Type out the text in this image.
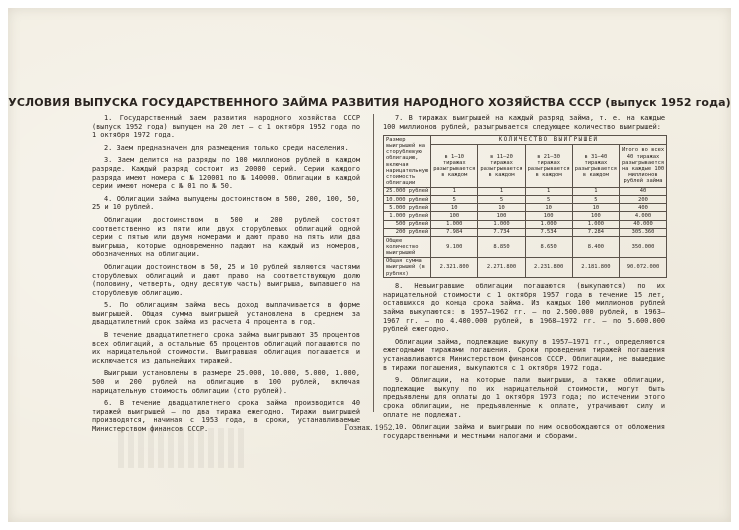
УСЛОВИЯ ВЫПУСКА ГОСУДАРСТВЕННОГО ЗАЙМА РАЗВИТИЯ НАРОДНОГО ХОЗЯЙСТВА СССР (выпуск 1952 года)

1. Государственный заем развития народного хозяйства СССР (выпуск 1952 года) выпущен на 20 лет — с 1 октября 1952 года по 1 октября 1972 года.

2. Заем предназначен для размещения только среди населения.

3. Заем делится на разряды по 100 миллионов рублей в каждом разряде. Каждый разряд состоит из 20000 серий. Серии каждого разряда имеют номера с № 120001 по № 140000. Облигации в каждой серии имеют номера с № 01 по № 50.

4. Облигации займа выпущены достоинством в 500, 200, 100, 50, 25 и 10 рублей.

Облигации достоинством в 500 и 200 рублей состоят соответственно из пяти или двух сторублевых облигаций одной серии с пятью или двумя номерами и дают право на пять или два выигрыша, которые одновременно падают на каждый из номеров, обозначенных на облигации.

Облигации достоинством в 50, 25 и 10 рублей являются частями сторублевых облигаций и дают право на соответствующую долю (половину, четверть, одну десятую часть) выигрыша, выпавшего на сторублевую облигацию.

5. По облигациям займа весь доход выплачивается в форме выигрышей. Общая сумма выигрышей установлена в среднем за двадцатилетний срок займа из расчета 4 процента в год.

В течение двадцатилетнего срока займа выигрывают 35 процентов всех облигаций, а остальные 65 процентов облигаций погашаются по их нарицательной стоимости. Выигравшая облигация погашается и исключается из дальнейших тиражей.

Выигрыши установлены в размере 25.000, 10.000, 5.000, 1.000, 500 и 200 рублей на облигацию в 100 рублей, включая нарицательную стоимость облигации (сто рублей).

6. В течение двадцатилетнего срока займа производится 40 тиражей выигрышей — по два тиража ежегодно. Тиражи выигрышей производятся, начиная с 1953 года, в сроки, устанавливаемые Министерством финансов СССР.

7. В тиражах выигрышей на каждый разряд займа, т. е. на каждые 100 миллионов рублей, разыгрывается следующее количество выигрышей:

Размер выигрышей на сторублевую облигацию, включая нарицательную стоимость облигации	КОЛИЧЕСТВО ВЫИГРЫШЕЙ				
	в 1—10 тиражах разыгрывается в каждом	в 11—20 тиражах разыгрывается в каждом	в 21—30 тиражах разыгрывается в каждом	в 31—40 тиражах разыгрывается в каждом	Итого во всех 40 тиражах разыгрывается на каждые 100 миллионов рублей займа
25.000 рублей	1	1	1	1	40
10.000 рублей	5	5	5	5	200
5.000 рублей	10	10	10	10	400
1.000 рублей	100	100	100	100	4.000
500 рублей	1.000	1.000	1.000	1.000	40.000
200 рублей	7.984	7.734	7.534	7.284	305.360
Общее количество выигрышей	9.100	8.850	8.650	8.400	350.000
Общая сумма выигрышей (в рублях)	2.321.800	2.271.800	2.231.800	2.181.800	90.072.000

8. Невыигравшие облигации погашаются (выкупаются) по их нарицательной стоимости с 1 октября 1957 года в течение 15 лет, оставшихся до конца срока займа. Из каждых 100 миллионов рублей займа выкупаются: в 1957—1962 гг. — по 2.500.000 рублей, в 1963—1967 гг. — по 4.400.000 рублей, в 1968—1972 гг. — по 5.600.000 рублей ежегодно.

Облигации займа, подлежащие выкупу в 1957—1971 гг., определяются ежегодными тиражами погашения. Сроки проведения тиражей погашения устанавливаются Министерством финансов СССР. Облигации, не вышедшие в тиражи погашения, выкупаются с 1 октября 1972 года.

9. Облигации, на которые пали выигрыши, а также облигации, подлежащие выкупу по их нарицательной стоимости, могут быть предъявлены для оплаты до 1 октября 1973 года; по истечении этого срока облигации, не предъявленные к оплате, утрачивают силу и оплате не подлежат.

10. Облигации займа и выигрыши по ним освобождаются от обложения государственными и местными налогами и сборами.

Гознак. 1952.
